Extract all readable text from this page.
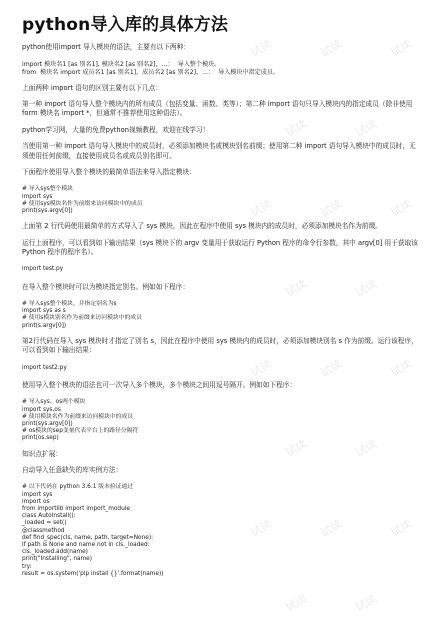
试读	试读	试读
试读	试读
试读	试读	试读
试读	试读
试读	试读	试读
试读	试读
试读	试读	试读
试读	试读
python导入库的具体方法

python使用import 导入模块的语法，主要有以下两种：

import 模块名1 [as 别名1], 模块名2 [as 别名2]，…：  导入整个模块。
from  模块名 import 成员名1 [as 别名1]，成员名2 [as 别名2]，…：  导入模块中指定成员。

上面两种 import 语句的区别主要有以下几点：

第一种 import 语句导入整个模块内的所有成员（包括变量、函数、类等）；第二种 import 语句只导入模块内的指定成员（除非使用 form 模块名 import *，但通常不推荐使用这种语法）。

python学习网，大量的免费python视频教程，欢迎在线学习！

当使用第一种 import 语句导入模块中的成员时，必须添加模块名或模块别名前缀；使用第二种 import 语句导入模块中的成员时，无须使用任何前缀，直接使用成员名或成员别名即可。

下面程序使用导入整个模块的最简单语法来导入指定模块：

# 导入sys整个模块
import sys
# 使用sys模块名作为前缀来访问模块中的成员
print(sys.argv[0])

上面第 2 行代码使用最简单的方式导入了 sys 模块，因此在程序中使用 sys 模块内的成员时，必须添加模块名作为前缀。

运行上面程序，可以看到如下输出结果（sys 模块下的 argv 变量用于获取运行 Python 程序的命令行参数，其中 argv[0] 用于获取该 Python 程序的程序名）。

import test.py

在导入整个模块时可以为模块指定别名。例如如下程序：

# 导入sys整个模块，并指定别名为s
import sys as s
# 使用s模块别名作为前缀来访问模块中的成员
print(s.argv[0])

第2行代码在导入 sys 模块时才指定了别名 s，因此在程序中使用 sys 模块内的成员时，必须添加模块别名 s 作为前缀。运行该程序，可以看到如下输出结果：

import test2.py

使用导入整个模块的语法也可一次导入多个模块，多个模块之间用逗号隔开。例如如下程序：

# 导入sys、os两个模块
import sys,os
# 使用模块名作为前缀来访问模块中的成员
print(sys.argv[0])
# os模块的sep变量代表平台上的路径分隔符
print(os.sep)

知识点扩展：

自动导入任意缺失的库实例方法：

# 以下代码在 python 3.6.1 版本验证通过
import sys
import os
from importlib import import_module
class AutoInstall():
_loaded = set()
@classmethod
def find_spec(cls, name, path, target=None):
if path is None and name not in cls._loaded:
cls._loaded.add(name)
print("Installing", name)
try:
result = os.system('pip install {}'.format(name))
